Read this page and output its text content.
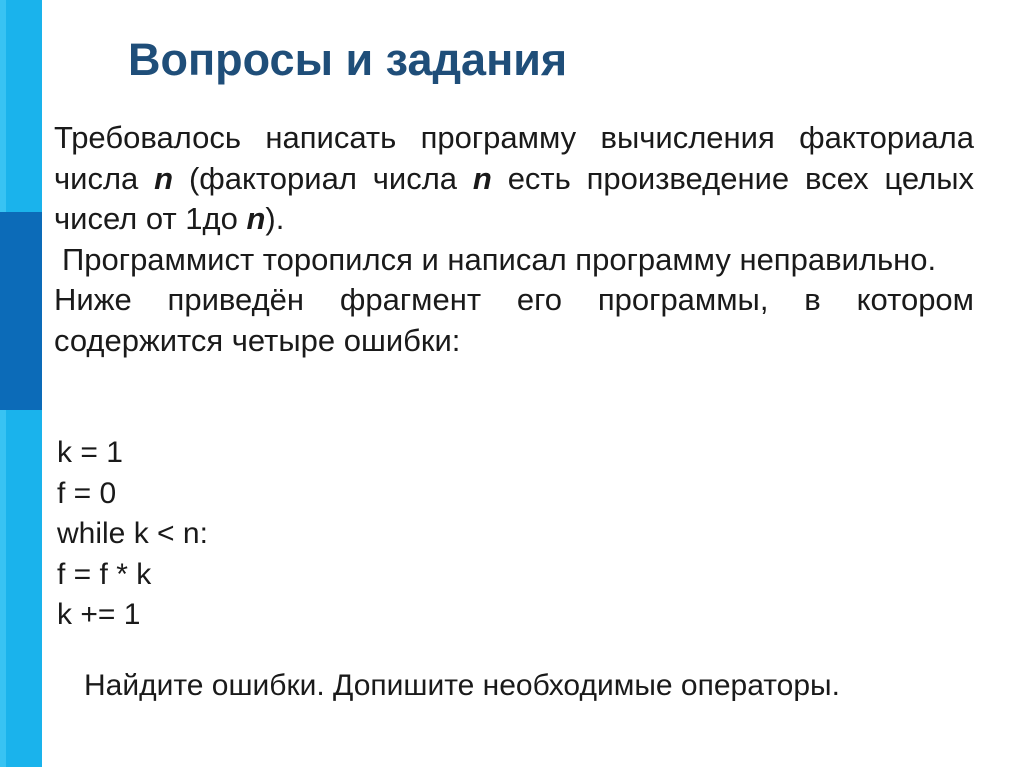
Вопросы и задания

Требовалось написать программу вычисления факториала числа n (факториал числа n есть произведение всех целых чисел от 1до n).

Программист торопился и написал программу неправильно.

Ниже приведён фрагмент его программы, в котором содержится четыре ошибки:

k = 1
f = 0
while k < n:
f = f * k
k += 1
Найдите ошибки. Допишите необходимые операторы.
